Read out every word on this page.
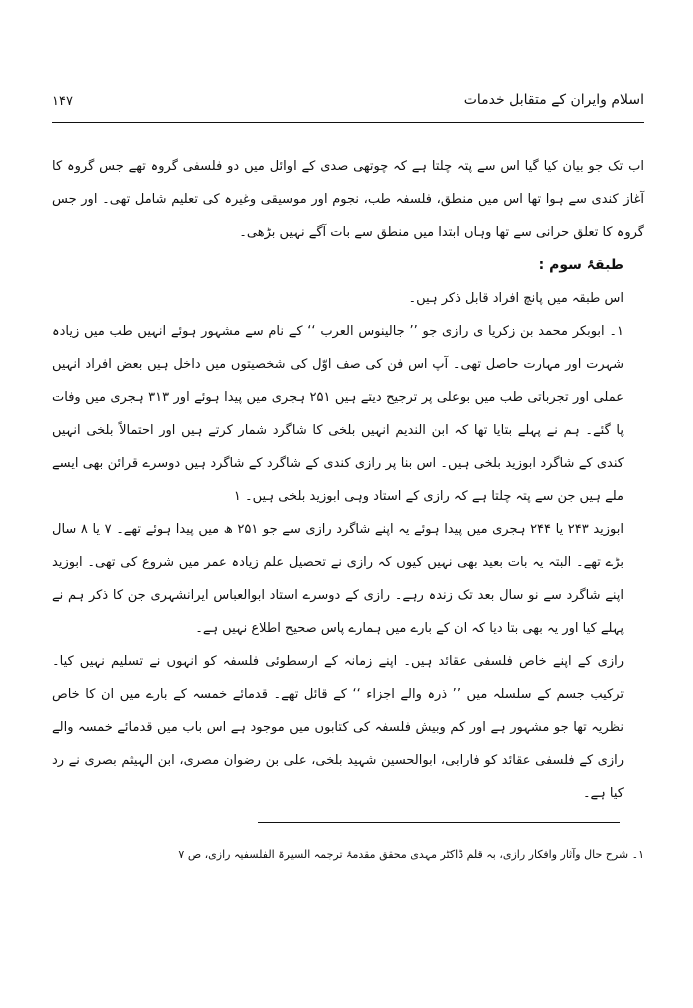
اسلام وایران کے متقابل خدمات
۱۴۷

اب تک جو بیان کیا گیا اس سے پتہ چلتا ہے کہ چوتھی صدی کے اوائل میں دو فلسفی گروہ تھے جس گروہ کا آغاز کندی سے ہوا تھا اس میں منطق، فلسفہ طب، نجوم اور موسیقی وغیرہ کی تعلیم شامل تھی۔ اور جس گروہ کا تعلق حرانی سے تھا وہاں ابتدا میں منطق سے بات آگے نہیں بڑھی۔

طبقۂ سوم :

اس طبقہ میں پانچ افراد قابل ذکر ہیں۔

۱۔ ابوبکر محمد بن زکریا ی رازی جو ’’ جالینوس العرب ‘‘ کے نام سے مشہور ہوئے انہیں طب میں زیادہ شہرت اور مہارت حاصل تھی۔ آپ اس فن کی صف اوّل کی شخصیتوں میں داخل ہیں بعض افراد انہیں عملی اور تجرباتی طب میں بوعلی پر ترجیح دیتے ہیں ۲۵۱ ہجری میں پیدا ہوئے اور ۳۱۳ ہجری میں وفات پا گئے۔ ہم نے پہلے بتایا تھا کہ ابن الندیم انہیں بلخی کا شاگرد شمار کرتے ہیں اور احتمالاً بلخی انہیں کندی کے شاگرد ابوزید بلخی ہیں۔ اس بنا پر رازی کندی کے شاگرد کے شاگرد ہیں دوسرے قرائن بھی ایسے ملے ہیں جن سے پتہ چلتا ہے کہ رازی کے استاد وہی ابوزید بلخی ہیں۔ ۱

ابوزید ۲۴۳ یا ۲۴۴ ہجری میں پیدا ہوئے یہ اپنے شاگرد رازی سے جو ۲۵۱ ھ میں پیدا ہوئے تھے۔ ۷ یا ۸ سال بڑے تھے۔ البتہ یہ بات بعید بھی نہیں کیوں کہ رازی نے تحصیل علم زیادہ عمر میں شروع کی تھی۔ ابوزید اپنے شاگرد سے نو سال بعد تک زندہ رہے۔ رازی کے دوسرے استاد ابوالعباس ایرانشہری جن کا ذکر ہم نے پہلے کیا اور یہ بھی بتا دیا کہ ان کے بارے میں ہمارے پاس صحیح اطلاع نہیں ہے۔

رازی کے اپنے خاص فلسفی عقائد ہیں۔ اپنے زمانہ کے ارسطوئی فلسفہ کو انہوں نے تسلیم نہیں کیا۔ ترکیب جسم کے سلسلہ میں ’’ ذرہ والے اجزاء ‘‘ کے قائل تھے۔ قدمائے خمسہ کے بارے میں ان کا خاص نظریہ تھا جو مشہور ہے اور کم وبیش فلسفہ کی کتابوں میں موجود ہے اس باب میں قدمائے خمسہ والے رازی کے فلسفی عقائد کو فارابی، ابوالحسین شہید بلخی، علی بن رضوان مصری، ابن الہیثم بصری نے رد کیا ہے۔

۱۔ شرح حال وآثار وافکار رازی، بہ قلم ڈاکٹر مہدی محقق مقدمۂ ترجمہ السیرۃ الفلسفیہ رازی، ص ۷
